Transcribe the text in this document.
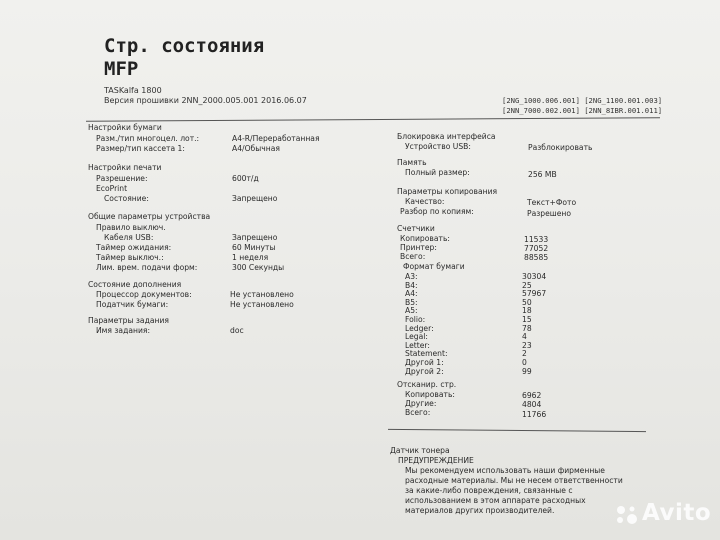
Стр. состояния
MFP
TASKalfa 1800
Версия прошивки 2NN_2000.005.001 2016.06.07	[2NG_1000.006.001] [2NG_1100.001.003]
[2NN_7000.002.001] [2NN_8IBR.001.011]
Настройки бумаги
Разм./тип многоцел. лот.:	A4-R/Переработанная
Размер/тип кассета 1:	A4/Обычная
Настройки печати
Разрешение:	600т/д
EcoPrint
Состояние:	Запрещено
Общие параметры устройства
Правило выключ.
Кабеля USB:	Запрещено
Таймер ожидания:	60 Минуты
Таймер выключ.:	1 неделя
Лим. врем. подачи форм:	300 Секунды
Состояние дополнения
Процессор документов:	Не установлено
Податчик бумаги:	Не установлено
Параметры задания
Имя задания:	doc
Блокировка интерфейса
Устройство USB:	Разблокировать
Память
Полный размер:	256 MB
Параметры копирования
Качество:	Текст+Фото
Разбор по копиям:	Разрешено
Счетчики
Копировать:	11533
Принтер:	77052
Всего:	88585
Формат бумаги
A3:	30304
B4:	25
A4:	57967
B5:	50
A5:	18
Folio:	15
Ledger:	78
Legal:	4
Letter:	23
Statement:	2
Другой 1:	0
Другой 2:	99
Отсканир. стр.
Копировать:	6962
Другие:	4804
Всего:	11766
Датчик тонера
ПРЕДУПРЕЖДЕНИЕ
Мы рекомендуем использовать наши фирменные
расходные материалы. Мы не несем ответственности
за какие-либо повреждения, связанные с
использованием в этом аппарате расходных
материалов других производителей.	Avito
